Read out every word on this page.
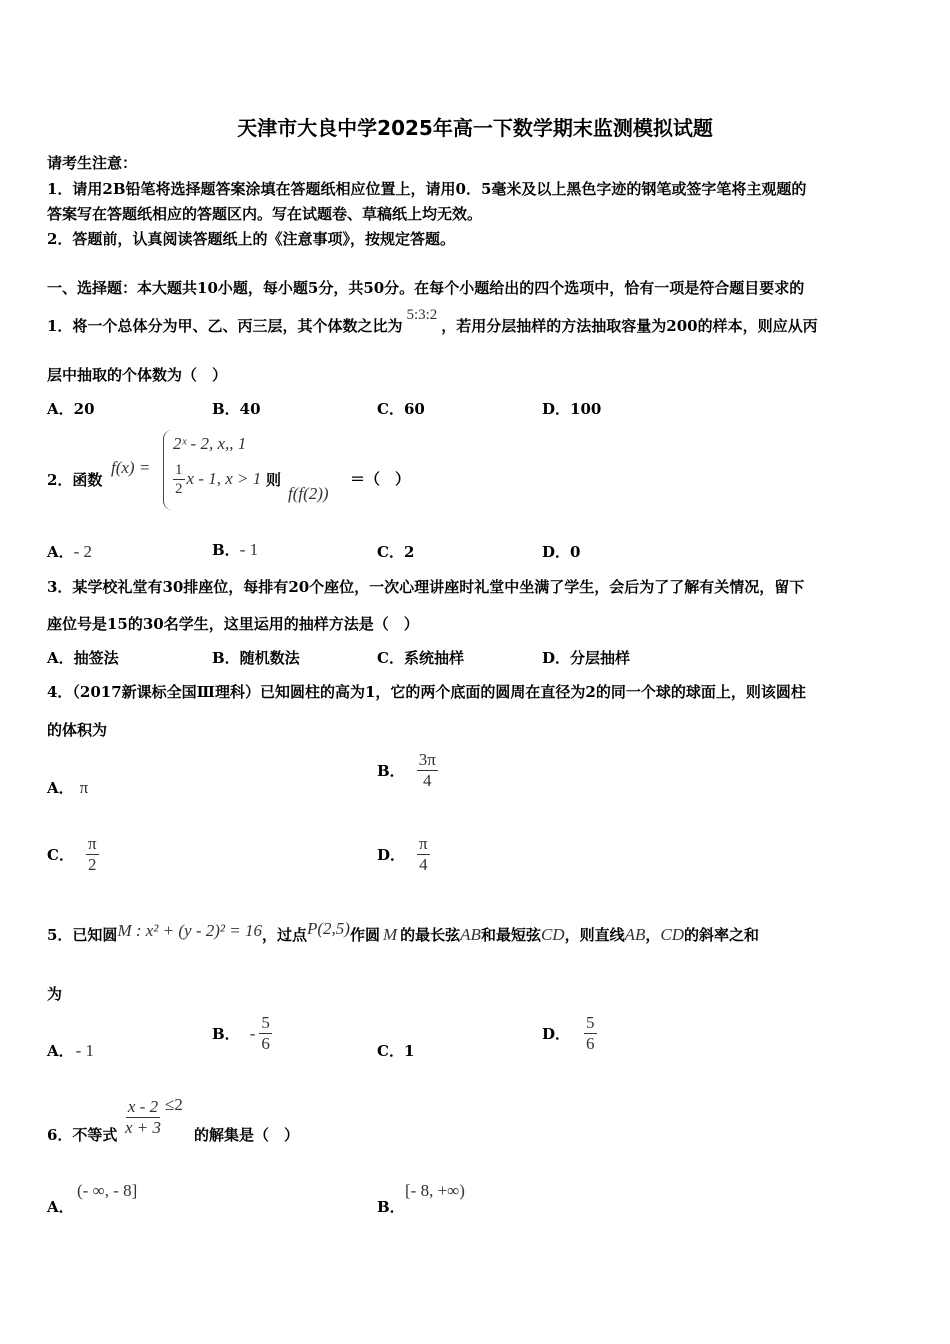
天津市大良中学2025年高一下数学期末监测模拟试题
请考生注意：
1．请用2B铅笔将选择题答案涂填在答题纸相应位置上，请用0．5毫米及以上黑色字迹的钢笔或签字笔将主观题的
答案写在答题纸相应的答题区内。写在试题卷、草稿纸上均无效。
2．答题前，认真阅读答题纸上的《注意事项》，按规定答题。
一、选择题：本大题共10小题，每小题5分，共50分。在每个小题给出的四个选项中，恰有一项是符合题目要求的
1．将一个总体分为甲、乙、丙三层，其个体数之比为5:3:2，若用分层抽样的方法抽取容量为200的样本，则应从丙
层中抽取的个体数为（　）
A．20	B．40	C．60	D．100
2．函数
f(x) =
2ˣ - 2, x,, 1
$\frac{1}{2}$ x - 1, x > 1 则
f(f(2))
＝（　）
A．- 2	B．- 1	C．2	D．0
3．某学校礼堂有30排座位，每排有20个座位，一次心理讲座时礼堂中坐满了学生，会后为了了解有关情况，留下
座位号是15的30名学生，这里运用的抽样方法是（　）
A．抽签法	B．随机数法	C．系统抽样	D．分层抽样
4．（2017新课标全国Ⅲ理科）已知圆柱的高为1，它的两个底面的圆周在直径为2的同一个球的球面上，则该圆柱
的体积为
A． π
B． $\frac{3\pi}{4}$
C． $\frac{\pi}{2}$	D． $\frac{\pi}{4}$
5．已知圆M : x² + (y - 2)² = 16，过点P(2,5)作圆 M 的最长弦AB和最短弦CD，则直线AB，CD的斜率之和
为
A． - 1
B． - $\frac{5}{6}$	C．1
D． $\frac{5}{6}$
6．不等式 $\frac{x - 2}{x + 3} \le 2$
的解集是（　）
A．
(- ∞, - 8]
B．
[- 8, +∞)
